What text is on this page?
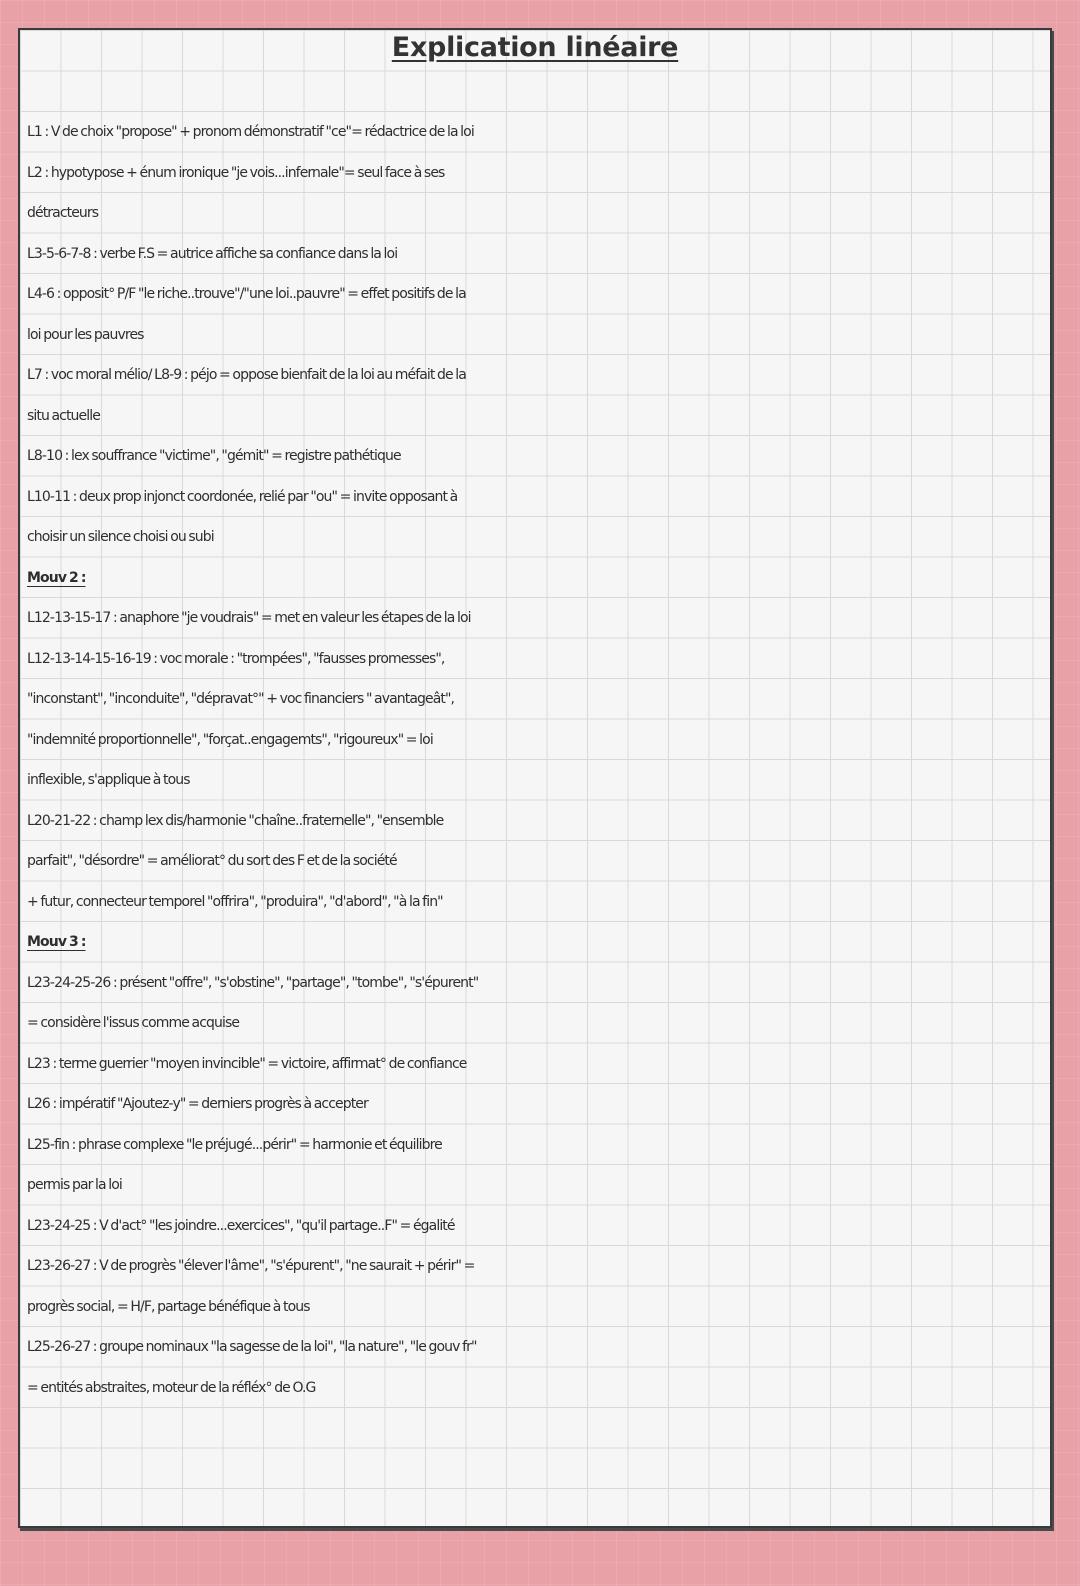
Explication linéaire
L1 : V de choix "propose" + pronom démonstratif "ce"= rédactrice de la loi
L2 : hypotypose + énum ironique "je vois...infernale"= seul face à ses
détracteurs
L3-5-6-7-8 : verbe F.S = autrice affiche sa confiance dans la loi
L4-6 : opposit° P/F "le riche..trouve"/"une loi..pauvre" = effet positifs de la
loi pour les pauvres
L7 : voc moral mélio/ L8-9 : péjo = oppose bienfait de la loi au méfait de la
situ actuelle
L8-10 : lex souffrance "victime", "gémit" = registre pathétique
L10-11 : deux prop injonct coordonée, relié par "ou" = invite opposant à
choisir un silence choisi ou subi
Mouv 2 :
L12-13-15-17 : anaphore "je voudrais" = met en valeur les étapes de la loi
L12-13-14-15-16-19 : voc morale : "trompées", "fausses promesses",
"inconstant", "inconduite", "dépravat°" + voc financiers " avantageât",
"indemnité proportionnelle", "forçat..engagemts", "rigoureux" = loi
inflexible, s'applique à tous
L20-21-22 : champ lex dis/harmonie "chaîne..fraternelle", "ensemble
parfait", "désordre" = améliorat° du sort des F et de la société
+ futur, connecteur temporel "offrira", "produira", "d'abord", "à la fin"
Mouv 3 :
L23-24-25-26 : présent "offre", "s'obstine", "partage", "tombe", "s'épurent"
= considère l'issus comme acquise
L23 : terme guerrier "moyen invincible" = victoire, affirmat° de confiance
L26 : impératif "Ajoutez-y" = derniers progrès à accepter
L25-fin : phrase complexe "le préjugé...périr" = harmonie et équilibre
permis par la loi
L23-24-25 : V d'act° "les joindre...exercices", "qu'il partage..F" = égalité
L23-26-27 : V de progrès "élever l'âme", "s'épurent", "ne saurait + périr" =
progrès social, = H/F, partage bénéfique à tous
L25-26-27 : groupe nominaux "la sagesse de la loi", "la nature", "le gouv fr"
= entités abstraites, moteur de la réfléx° de O.G
